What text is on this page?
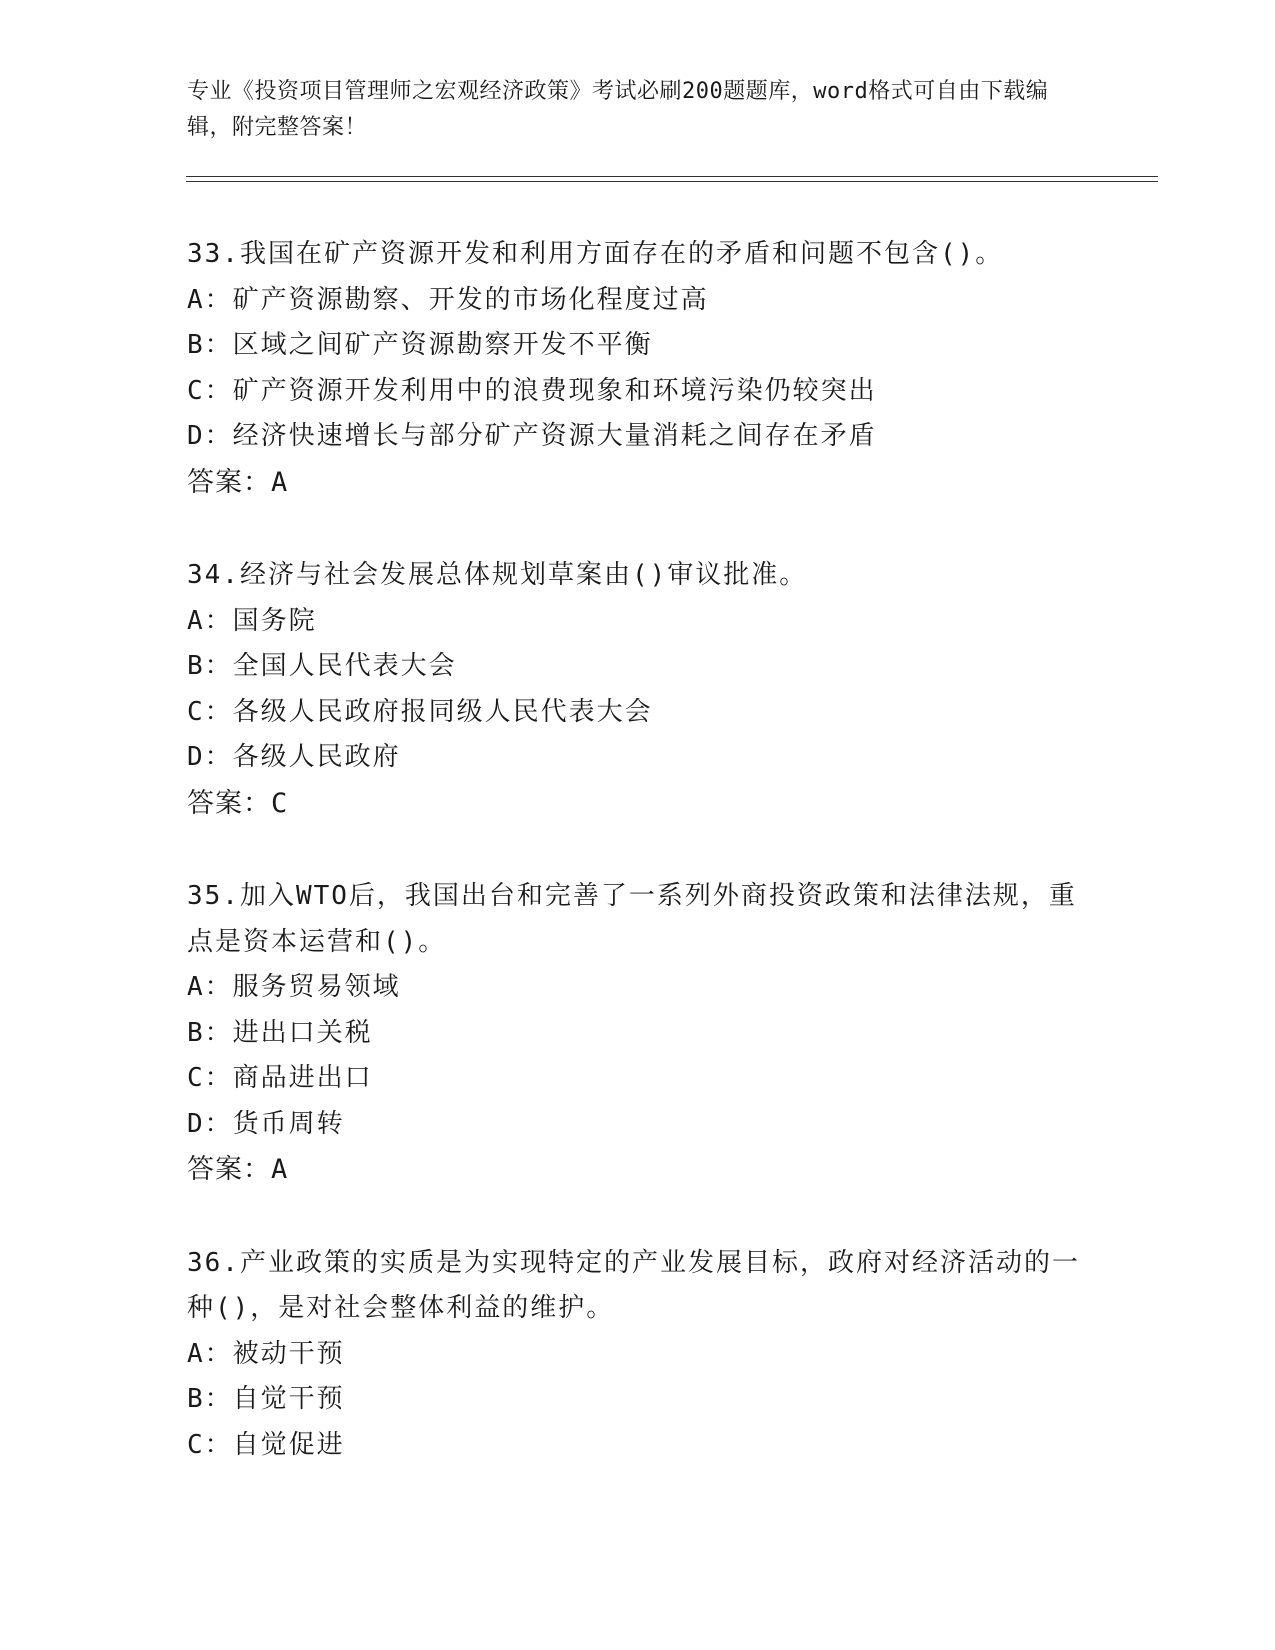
专业《投资项目管理师之宏观经济政策》考试必刷200题题库，word格式可自由下载编辑，附完整答案！
33.我国在矿产资源开发和利用方面存在的矛盾和问题不包含()。
A：矿产资源勘察、开发的市场化程度过高
B：区域之间矿产资源勘察开发不平衡
C：矿产资源开发利用中的浪费现象和环境污染仍较突出
D：经济快速增长与部分矿产资源大量消耗之间存在矛盾
答案：A
34.经济与社会发展总体规划草案由()审议批准。
A：国务院
B：全国人民代表大会
C：各级人民政府报同级人民代表大会
D：各级人民政府
答案：C
35.加入WTO后，我国出台和完善了一系列外商投资政策和法律法规，重点是资本运营和()。
A：服务贸易领域
B：进出口关税
C：商品进出口
D：货币周转
答案：A
36.产业政策的实质是为实现特定的产业发展目标，政府对经济活动的一种()，是对社会整体利益的维护。
A：被动干预
B：自觉干预
C：自觉促进
